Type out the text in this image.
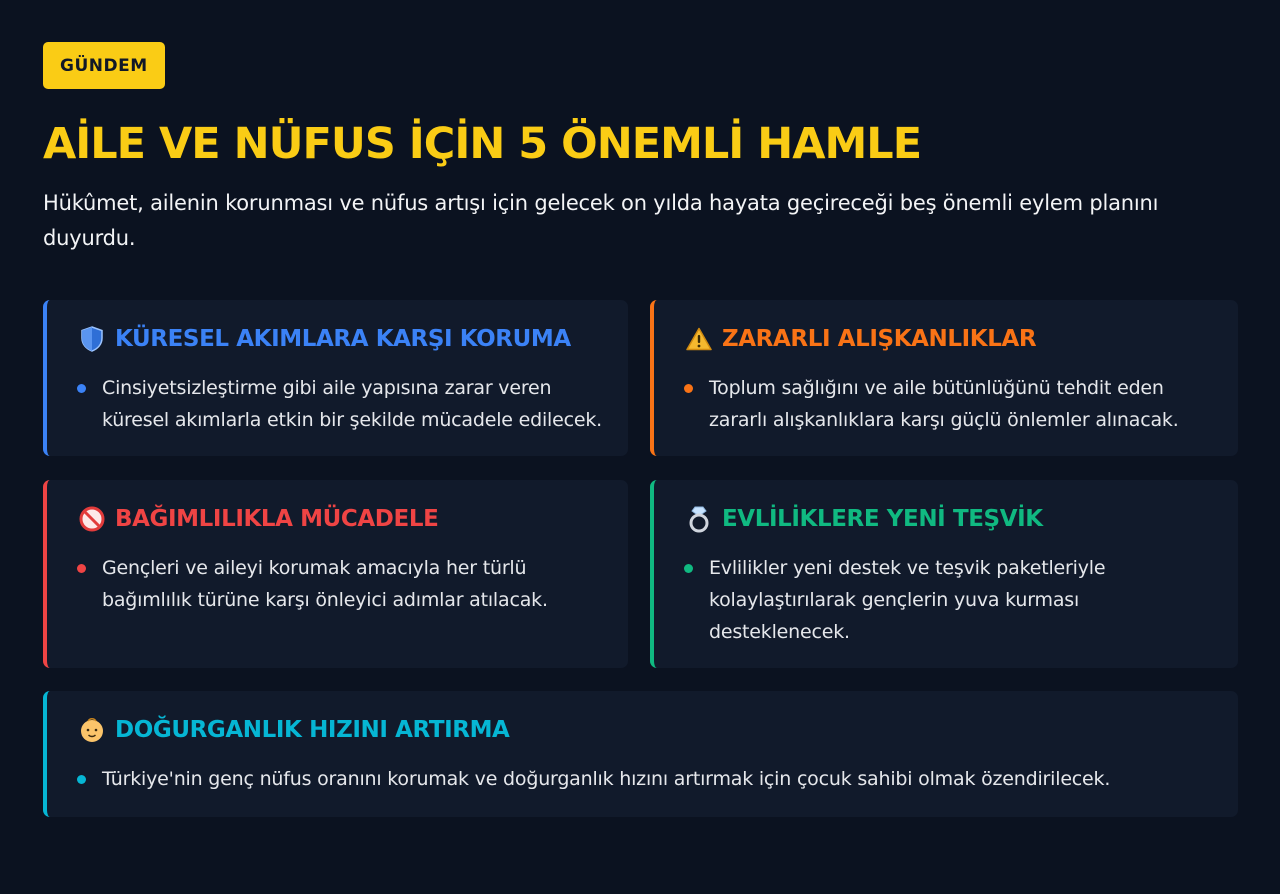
GÜNDEM
AİLE VE NÜFUS İÇİN 5 ÖNEMLİ HAMLE

Hükûmet, ailenin korunması ve nüfus artışı için gelecek on yılda hayata geçireceği beş önemli eylem planını duyurdu.

KÜRESEL AKIMLARA KARŞI KORUMA

Cinsiyetsizleştirme gibi aile yapısına zarar veren küresel akımlarla etkin bir şekilde mücadele edilecek.

ZARARLI ALIŞKANLIKLAR

Toplum sağlığını ve aile bütünlüğünü tehdit eden zararlı alışkanlıklara karşı güçlü önlemler alınacak.

BAĞIMLILIKLA MÜCADELE

Gençleri ve aileyi korumak amacıyla her türlü bağımlılık türüne karşı önleyici adımlar atılacak.

EVLİLİKLERE YENİ TEŞVİK

Evlilikler yeni destek ve teşvik paketleriyle kolaylaştırılarak gençlerin yuva kurması desteklenecek.

DOĞURGANLIK HIZINI ARTIRMA

Türkiye'nin genç nüfus oranını korumak ve doğurganlık hızını artırmak için çocuk sahibi olmak özendirilecek.
